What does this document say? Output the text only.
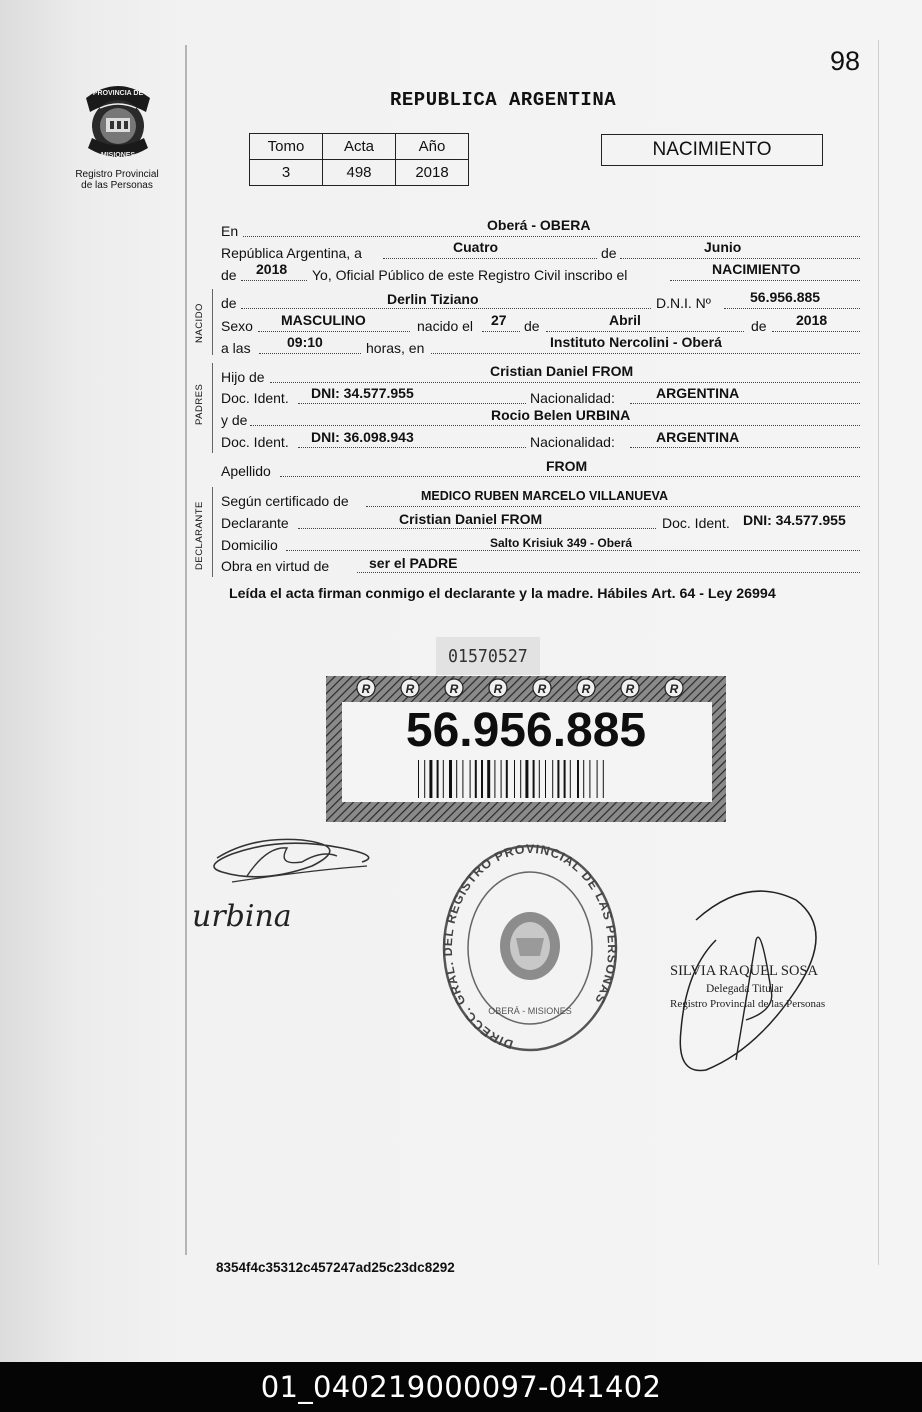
98
REPUBLICA ARGENTINA
PROVINCIA DE
MISIONES
Registro Provincial
de las Personas
Tomo	Acta	Año
3	498	2018
NACIMIENTO
En	Oberá - OBERA
República Argentina, a	Cuatro	de	Junio
de 2018 Yo, Oficial Público de este Registro Civil inscribo el	NACIMIENTO
NACIDO
de	Derlin Tiziano	D.N.I. Nº	56.956.885
Sexo MASCULINO	nacido el 27 de	Abril	de 2018
a las	09:10	horas, en	Instituto Nercolini - Oberá
PADRES
Hijo de	Cristian Daniel FROM
Doc. Ident. DNI: 34.577.955	Nacionalidad:	ARGENTINA
y de	Rocio Belen URBINA
Doc. Ident. DNI: 36.098.943	Nacionalidad:	ARGENTINA
Apellido	FROM
DECLARANTE
Según certificado de	MEDICO RUBEN MARCELO VILLANUEVA
Declarante	Cristian Daniel FROM	Doc. Ident. DNI: 34.577.955
Domicilio	Salto Krisiuk 349 - Oberá
Obra en virtud de	ser el PADRE
Leída el acta firman conmigo el declarante y la madre. Hábiles Art. 64 - Ley 26994
01570527
R	R	R	R	R	R	R	R
56.956.885
urbina
DIRECC. GRAL. DEL REGISTRO PROVINCIAL DE LAS PERSONAS
OBERÁ - MISIONES
SILVIA RAQUEL SOSA
Delegada Titular
Registro Provincial de las Personas
8354f4c35312c457247ad25c23dc8292
01_040219000097-041402
